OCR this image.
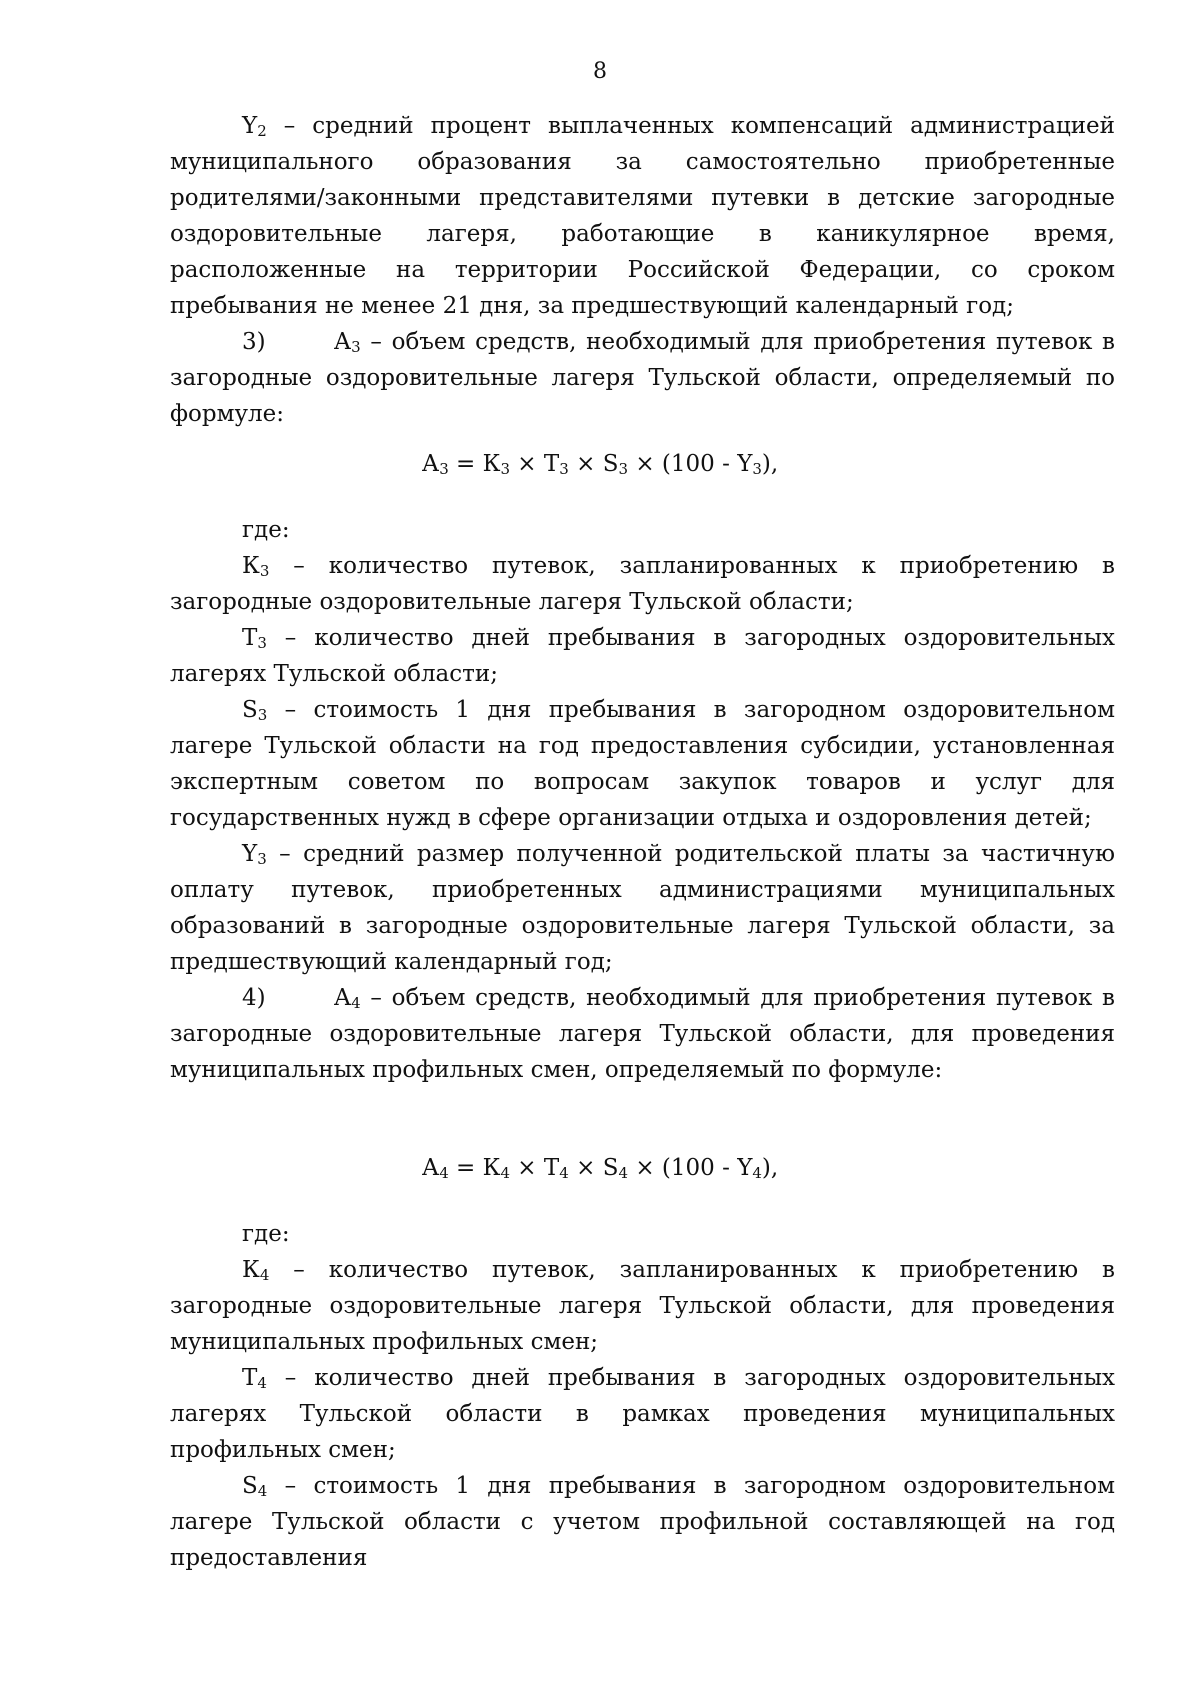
8

$Y_2$ – средний процент выплаченных компенсаций администрацией муниципального образования за самостоятельно приобретенные родителями/законными представителями путевки в детские загородные оздоровительные лагеря, работающие в каникулярное время, расположенные на территории Российской Федерации, со сроком пребывания не менее 21 дня, за предшествующий календарный год;

3)	$А_3$ – объем средств, необходимый для приобретения путевок в загородные оздоровительные лагеря Тульской области, определяемый по формуле:

$А_3 = К_3 \times Т_3 \times S_3 \times (100 - Y_3)$,

где:

$К_3$ – количество путевок, запланированных к приобретению в загородные оздоровительные лагеря Тульской области;

$Т_3$ – количество дней пребывания в загородных оздоровительных лагерях Тульской области;

$S_3$ – стоимость 1 дня пребывания в загородном оздоровительном лагере Тульской области на год предоставления субсидии, установленная экспертным советом по вопросам закупок товаров и услуг для государственных нужд в сфере организации отдыха и оздоровления детей;

$Y_3$ – средний размер полученной родительской платы за частичную оплату путевок, приобретенных администрациями муниципальных образований в загородные оздоровительные лагеря Тульской области, за предшествующий календарный год;

4)	$А_4$ – объем средств, необходимый для приобретения путевок в загородные оздоровительные лагеря Тульской области, для проведения муниципальных профильных смен, определяемый по формуле:

$А_4 = К_4 \times Т_4 \times S_4 \times (100 - Y_4)$,

где:

$К_4$ – количество путевок, запланированных к приобретению в загородные оздоровительные лагеря Тульской области, для проведения муниципальных профильных смен;

$Т_4$ – количество дней пребывания в загородных оздоровительных лагерях Тульской области в рамках проведения муниципальных профильных смен;

$S_4$ – стоимость 1 дня пребывания в загородном оздоровительном лагере Тульской области с учетом профильной составляющей на год предоставления
